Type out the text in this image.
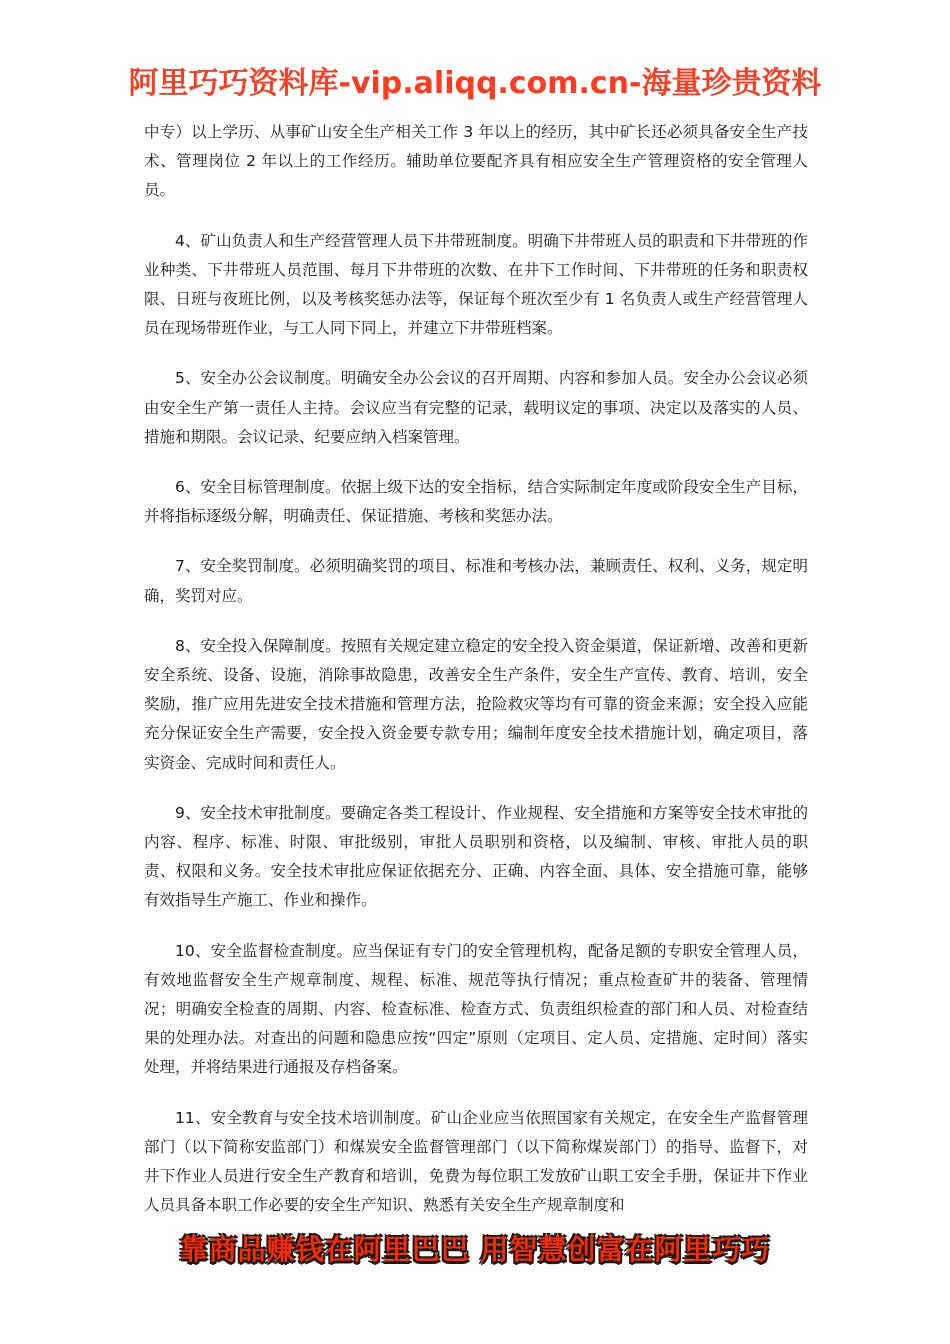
阿里巧巧资料库-vip.aliqq.com.cn-海量珍贵资料

中专）以上学历、从事矿山安全生产相关工作 3 年以上的经历，其中矿长还必须具备安全生产技术、管理岗位 2 年以上的工作经历。辅助单位要配齐具有相应安全生产管理资格的安全管理人员。

4、矿山负责人和生产经营管理人员下井带班制度。明确下井带班人员的职责和下井带班的作业种类、下井带班人员范围、每月下井带班的次数、在井下工作时间、下井带班的任务和职责权限、日班与夜班比例，以及考核奖惩办法等，保证每个班次至少有 1 名负责人或生产经营管理人员在现场带班作业，与工人同下同上，并建立下井带班档案。

5、安全办公会议制度。明确安全办公会议的召开周期、内容和参加人员。安全办公会议必须由安全生产第一责任人主持。会议应当有完整的记录，载明议定的事项、决定以及落实的人员、措施和期限。会议记录、纪要应纳入档案管理。

6、安全目标管理制度。依据上级下达的安全指标，结合实际制定年度或阶段安全生产目标，并将指标逐级分解，明确责任、保证措施、考核和奖惩办法。

7、安全奖罚制度。必须明确奖罚的项目、标准和考核办法，兼顾责任、权利、义务，规定明确，奖罚对应。

8、安全投入保障制度。按照有关规定建立稳定的安全投入资金渠道，保证新增、改善和更新安全系统、设备、设施，消除事故隐患，改善安全生产条件，安全生产宣传、教育、培训，安全奖励，推广应用先进安全技术措施和管理方法，抢险救灾等均有可靠的资金来源；安全投入应能充分保证安全生产需要，安全投入资金要专款专用；编制年度安全技术措施计划，确定项目，落实资金、完成时间和责任人。

9、安全技术审批制度。要确定各类工程设计、作业规程、安全措施和方案等安全技术审批的内容、程序、标准、时限、审批级别，审批人员职别和资格，以及编制、审核、审批人员的职责、权限和义务。安全技术审批应保证依据充分、正确、内容全面、具体、安全措施可靠，能够有效指导生产施工、作业和操作。

10、安全监督检查制度。应当保证有专门的安全管理机构，配备足额的专职安全管理人员，有效地监督安全生产规章制度、规程、标准、规范等执行情况；重点检查矿井的装备、管理情况；明确安全检查的周期、内容、检查标准、检查方式、负责组织检查的部门和人员、对检查结果的处理办法。对查出的问题和隐患应按“四定”原则（定项目、定人员、定措施、定时间）落实处理，并将结果进行通报及存档备案。

11、安全教育与安全技术培训制度。矿山企业应当依照国家有关规定，在安全生产监督管理部门（以下简称安监部门）和煤炭安全监督管理部门（以下简称煤炭部门）的指导、监督下，对井下作业人员进行安全生产教育和培训，免费为每位职工发放矿山职工安全手册，保证井下作业人员具备本职工作必要的安全生产知识、熟悉有关安全生产规章制度和

靠商品赚钱在阿里巴巴 用智慧创富在阿里巧巧
